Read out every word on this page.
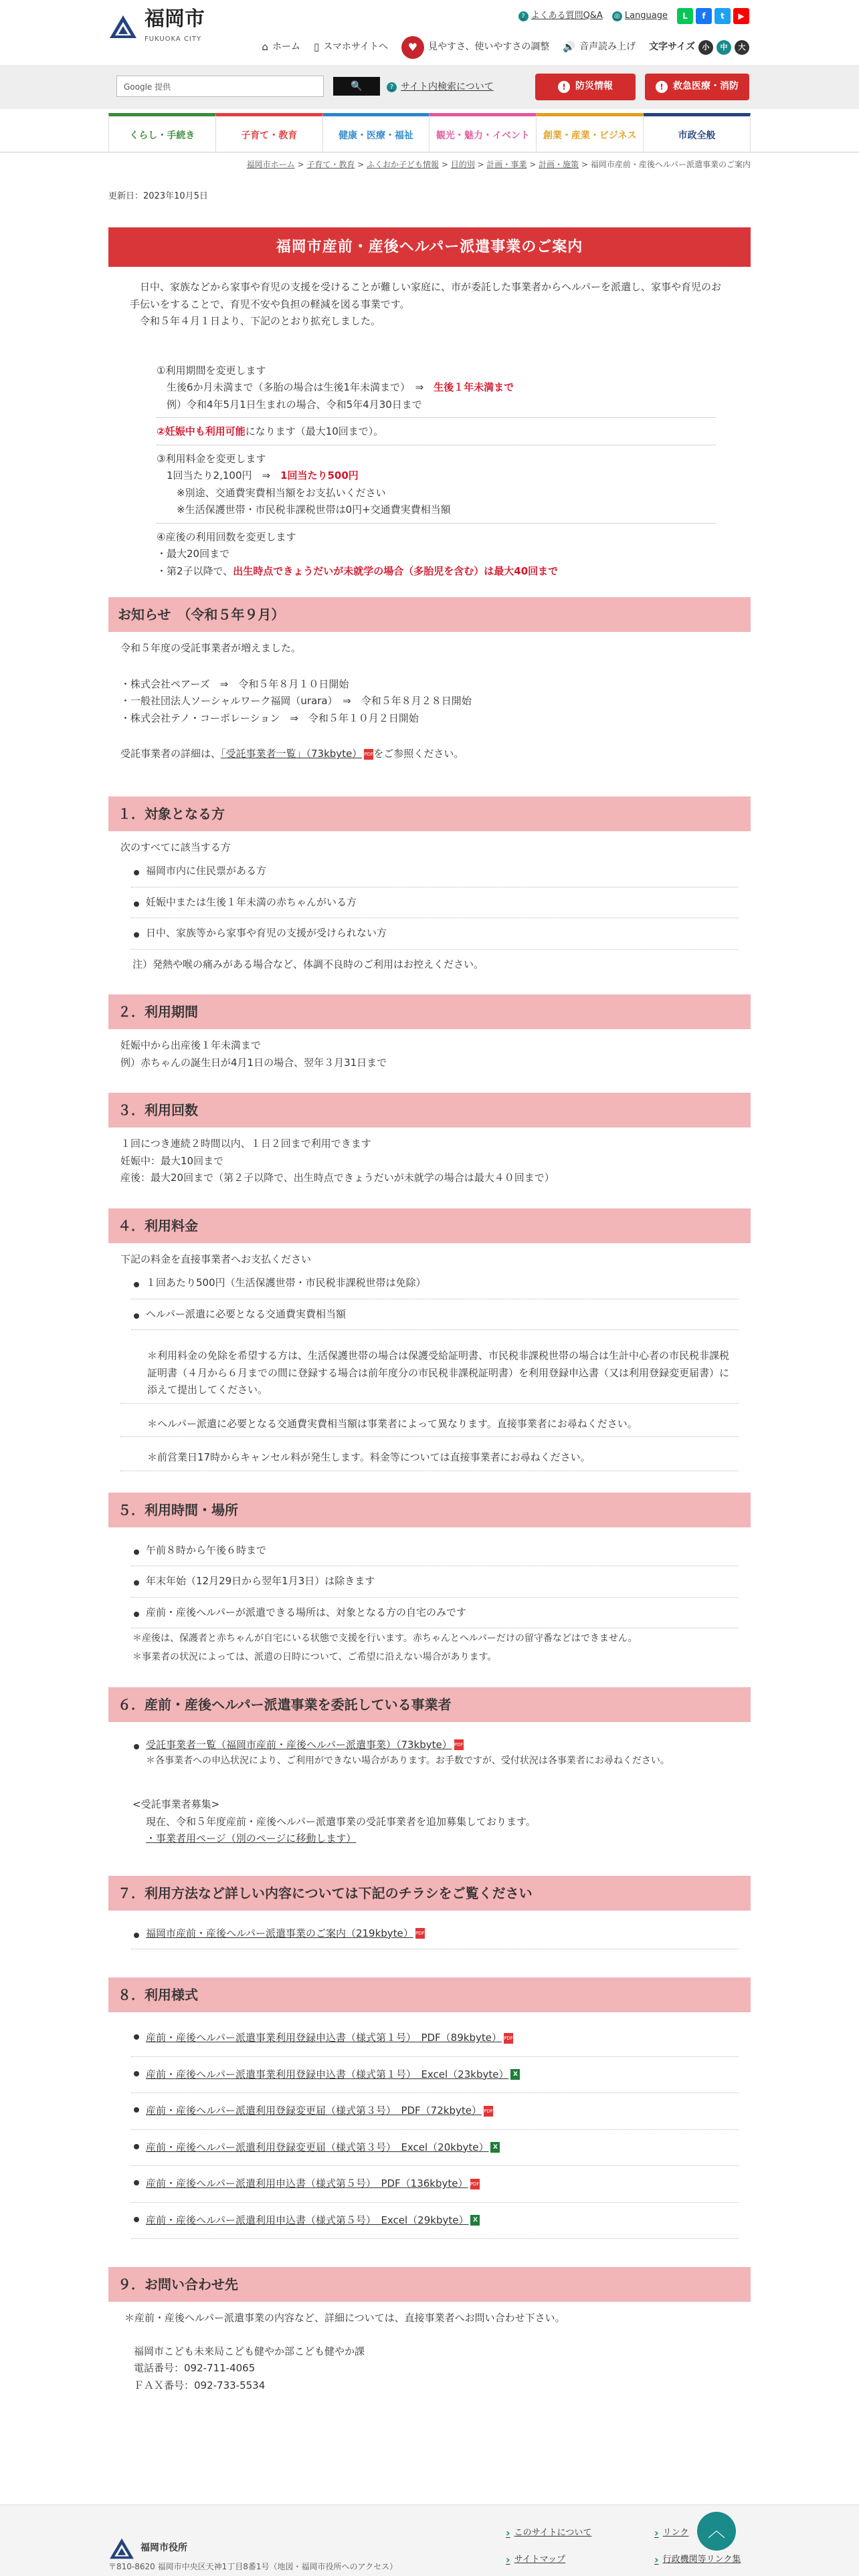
福岡市
FUKUOKA CITY
? よくある質問Q&A	◎ Language	L	f	t	▶
⌂ ホーム ▯ スマホサイトへ	♥	見やすさ、使いやすさの調整 🔊 音声読み上げ 文字サイズ 小	中	大
Google 提供	🔍	? サイト内検索について	!	防災情報	!	救急医療・消防
くらし・手続き	子育て・教育	健康・医療・福祉	観光・魅力・イベント	創業・産業・ビジネス	市政全般
福岡市ホーム > 子育て・教育 > ふくおか子ども情報 > 目的別 > 計画・事業 > 計画・施策 > 福岡市産前・産後ヘルパー派遣事業のご案内
更新日：2023年10月5日
福岡市産前・産後ヘルパー派遣事業のご案内

日中、家族などから家事や育児の支援を受けることが難しい家庭に、市が委託した事業者からヘルパーを派遣し、家事や育児のお手伝いをすることで、育児不安や負担の軽減を図る事業です。

令和５年４月１日より、下記のとおり拡充しました。

①利用期間を変更します
生後6か月未満まで（多胎の場合は生後1年未満まで）　⇒　生後１年未満まで
例）令和4年5月1日生まれの場合、令和5年4月30日まで
②妊娠中も利用可能になります（最大10回まで）。
③利用料金を変更します
1回当たり2,100円　⇒　1回当たり500円
※別途、交通費実費相当額をお支払いください
※生活保護世帯・市民税非課税世帯は0円+交通費実費相当額
④産後の利用回数を変更します
・最大20回まで
・第2子以降で、出生時点できょうだいが未就学の場合（多胎児を含む）は最大40回まで
お知らせ　（令和５年９月）

令和５年度の受託事業者が増えました。

・株式会社ペアーズ　⇒　令和５年８月１０日開始

・一般社団法人ソーシャルワーク福岡（urara）　⇒　令和５年８月２８日開始

・株式会社テノ・コーポレーション　⇒　令和５年１０月２日開始

受託事業者の詳細は、「受託事業者一覧」（73kbyte） PDFをご参照ください。

１．対象となる方

次のすべてに該当する方

福岡市内に住民票がある方
妊娠中または生後１年未満の赤ちゃんがいる方
日中、家族等から家事や育児の支援が受けられない方

注）発熱や喉の痛みがある場合など、体調不良時のご利用はお控えください。

２．利用期間

妊娠中から出産後１年未満まで

例）赤ちゃんの誕生日が4月1日の場合、翌年３月31日まで

３．利用回数

１回につき連続２時間以内、１日２回まで利用できます

妊娠中：最大10回まで

産後：最大20回まで（第２子以降で、出生時点できょうだいが未就学の場合は最大４０回まで）

４．利用料金

下記の料金を直接事業者へお支払ください

１回あたり500円（生活保護世帯・市民税非課税世帯は免除）
ヘルパー派遣に必要となる交通費実費相当額

＊利用料金の免除を希望する方は、生活保護世帯の場合は保護受給証明書、市民税非課税世帯の場合は生計中心者の市民税非課税証明書（４月から６月までの間に登録する場合は前年度分の市民税非課税証明書）を利用登録申込書（又は利用登録変更届書）に添えて提出してください。

＊ヘルパー派遣に必要となる交通費実費相当額は事業者によって異なります。直接事業者にお尋ねください。

＊前営業日17時からキャンセル料が発生します。料金等については直接事業者にお尋ねください。

５．利用時間・場所
午前８時から午後６時まで
年末年始（12月29日から翌年1月3日）は除きます
産前・産後ヘルパーが派遣できる場所は、対象となる方の自宅のみです

＊産後は、保護者と赤ちゃんが自宅にいる状態で支援を行います。赤ちゃんとヘルパーだけの留守番などはできません。

＊事業者の状況によっては、派遣の日時について、ご希望に沿えない場合があります。

６．産前・産後ヘルパー派遣事業を委託している事業者
受託事業者一覧（福岡市産前・産後ヘルパー派遣事業）（73kbyte） PDF

＊各事業者への申込状況により、ご利用ができない場合があります。お手数ですが、受付状況は各事業者にお尋ねください。

<受託事業者募集>

現在、令和５年度産前・産後ヘルパー派遣事業の受託事業者を追加募集しております。

・事業者用ページ（別のページに移動します）

７．利用方法など詳しい内容については下記のチラシをご覧ください
福岡市産前・産後ヘルパー派遣事業のご案内（219kbyte） PDF
８．利用様式
産前・産後ヘルパー派遣事業利用登録申込書（様式第１号）　PDF（89kbyte） PDF
産前・産後ヘルパー派遣事業利用登録申込書（様式第１号）　Excel（23kbyte） X
産前・産後ヘルパー派遣利用登録変更届（様式第３号）　PDF（72kbyte） PDF
産前・産後ヘルパー派遣利用登録変更届（様式第３号）　Excel（20kbyte） X
産前・産後ヘルパー派遣利用申込書（様式第５号）　PDF（136kbyte） PDF
産前・産後ヘルパー派遣利用申込書（様式第５号）　Excel（29kbyte） X
９．お問い合わせ先

＊産前・産後ヘルパー派遣事業の内容など、詳細については、直接事業者へお問い合わせ下さい。

福岡市こども未来局こども健やか部こども健やか課

電話番号：092-711-4065

ＦＡＸ番号：092-733-5534

福岡市役所
〒810-8620 福岡市中央区天神1丁目8番1号（地図・福岡市役所へのアクセス）
› このサイトについて
› サイトマップ
› リンク
› 行政機関等リンク集
︿
